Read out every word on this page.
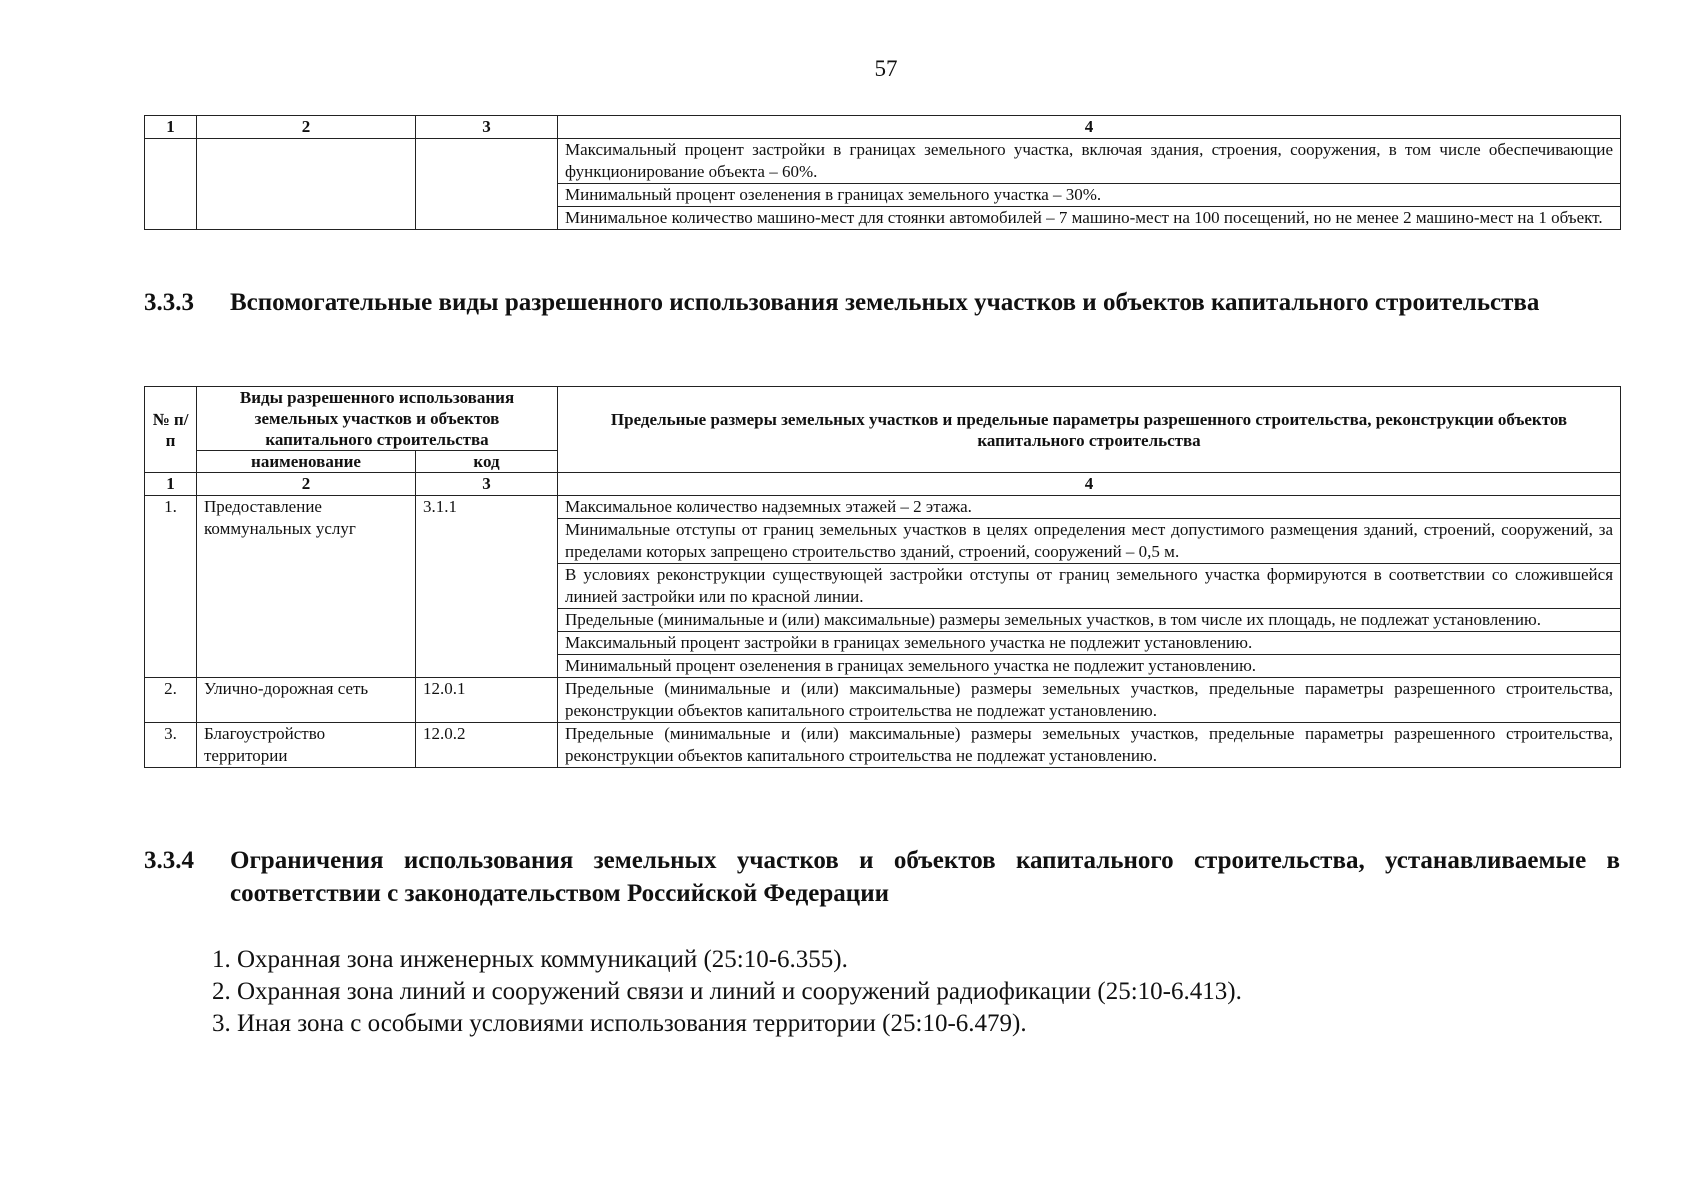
57
1	2	3	4
			Максимальный процент застройки в границах земельного участка, включая здания, строения, сооружения, в том числе обеспечивающие функционирование объекта – 60%.
			Минимальный процент озеленения в границах земельного участка – 30%.
			Минимальное количество машино-мест для стоянки автомобилей – 7 машино-мест на 100 посещений, но не менее 2 машино-мест на 1 объект.
3.3.3 Вспомогательные виды разрешенного использования земельных участков и объектов капитального строительства
№ п/п	Виды разрешенного использования земельных участков и объектов капитального строительства		Предельные размеры земельных участков и предельные параметры разрешенного строительства, реконструкции объектов капитального строительства
	наименование	код	
1	2	3	4
1.	Предоставление коммунальных услуг	3.1.1	Максимальное количество надземных этажей – 2 этажа.
			Минимальные отступы от границ земельных участков в целях определения мест допустимого размещения зданий, строений, сооружений, за пределами которых запрещено строительство зданий, строений, сооружений – 0,5 м.
			В условиях реконструкции существующей застройки отступы от границ земельного участка формируются в соответствии со сложившейся линией застройки или по красной линии.
			Предельные (минимальные и (или) максимальные) размеры земельных участков, в том числе их площадь, не подлежат установлению.
			Максимальный процент застройки в границах земельного участка не подлежит установлению.
			Минимальный процент озеленения в границах земельного участка не подлежит установлению.
2.	Улично-дорожная сеть	12.0.1	Предельные (минимальные и (или) максимальные) размеры земельных участков, предельные параметры разрешенного строительства, реконструкции объектов капитального строительства не подлежат установлению.
3.	Благоустройство территории	12.0.2	Предельные (минимальные и (или) максимальные) размеры земельных участков, предельные параметры разрешенного строительства, реконструкции объектов капитального строительства не подлежат установлению.
3.3.4 Ограничения использования земельных участков и объектов капитального строительства, устанавливаемые в соответствии с законодательством Российской Федерации
1. Охранная зона инженерных коммуникаций (25:10-6.355).
2. Охранная зона линий и сооружений связи и линий и сооружений радиофикации (25:10-6.413).
3. Иная зона с особыми условиями использования территории (25:10-6.479).
